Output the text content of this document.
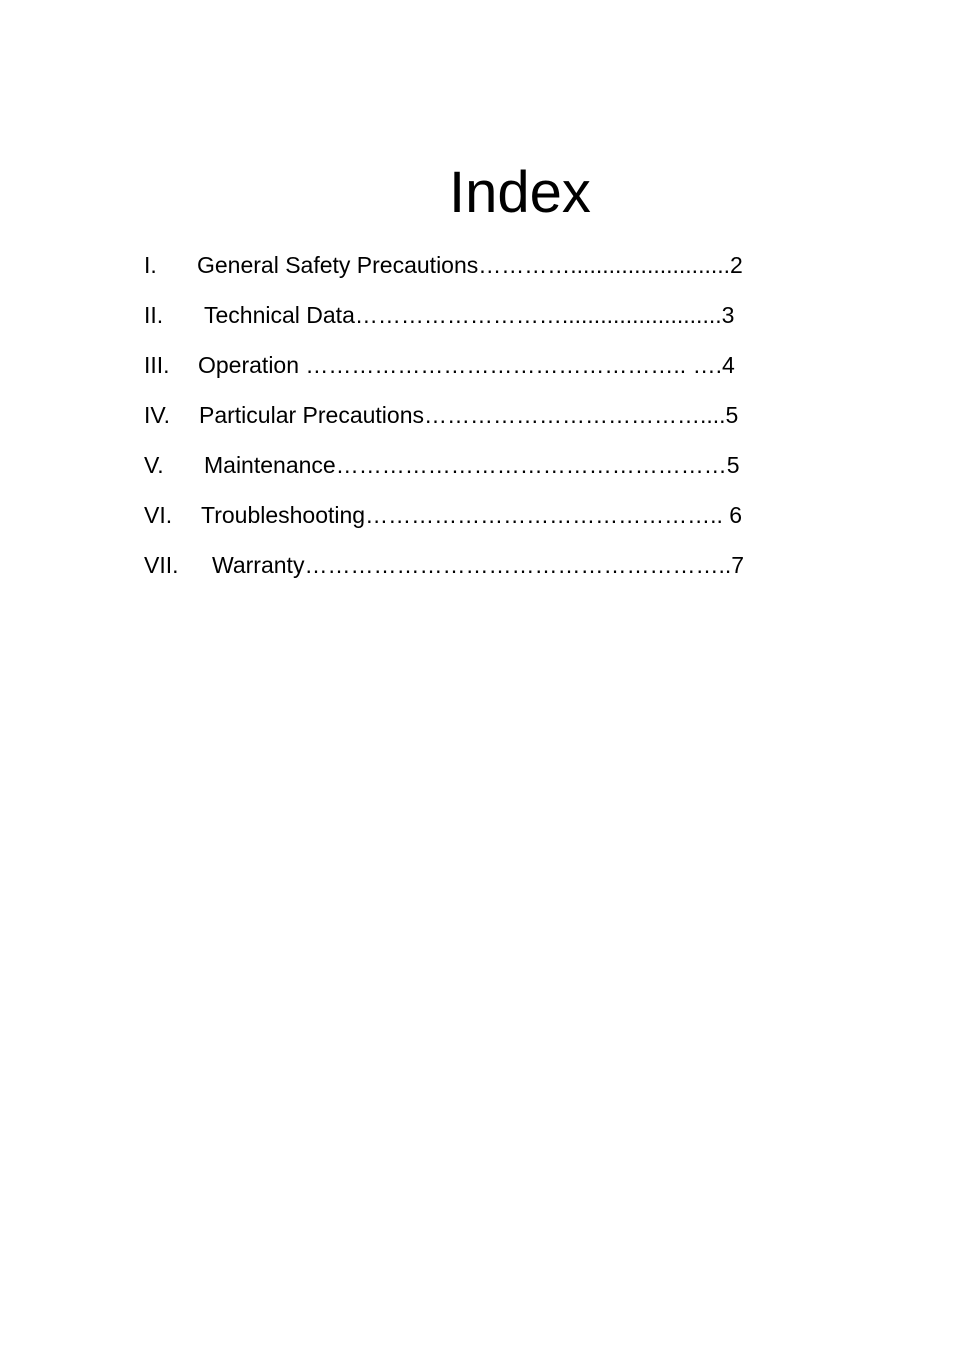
Index
I. General Safety Precautions………….........................2
II. Technical Data……………………….........................3
III. Operation ………………………………………….. ….4
IV. Particular Precautions………………………………....5
V. Maintenance……………………………………………5
VI. Troubleshooting……………………………………….. 6
VII. Warranty………………………………………………..7
